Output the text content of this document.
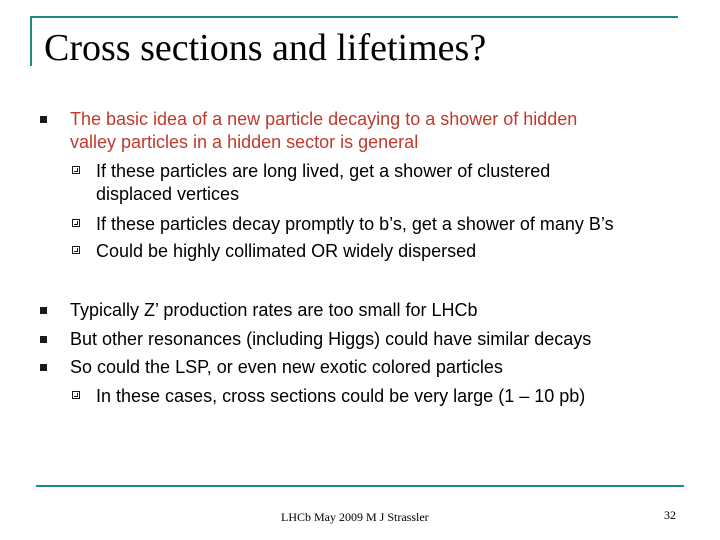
Cross sections and lifetimes?
The basic idea of a new particle decaying to a shower of hidden
valley particles in a hidden sector is general
If these particles are long lived, get a shower of clustered
displaced vertices
If these particles decay promptly to b’s, get a shower of many B’s
Could be highly collimated OR widely dispersed
Typically Z’ production rates are too small for LHCb
But other resonances (including Higgs) could have similar decays
So could the LSP, or even new exotic colored particles
In these cases, cross sections could be very large (1 – 10 pb)
LHCb May 2009 M J Strassler	32
